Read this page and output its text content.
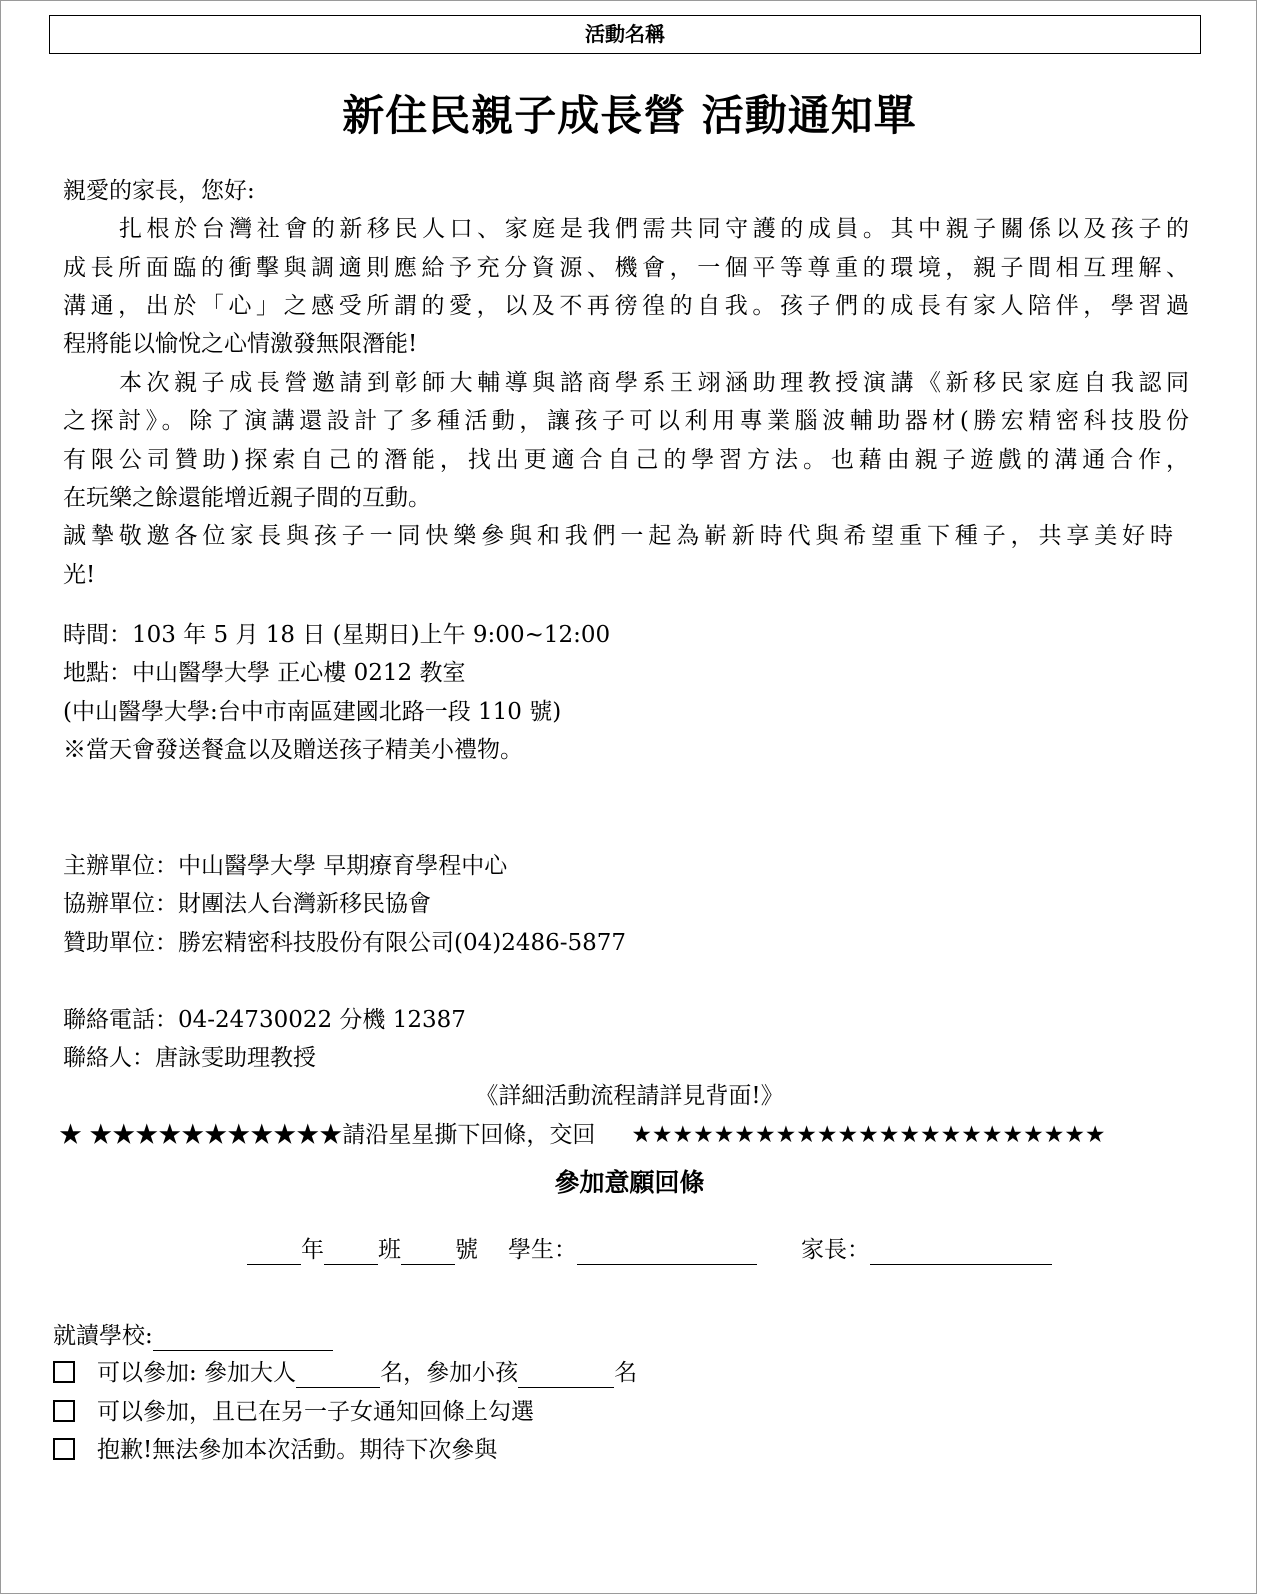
活動名稱
新住民親子成長營 活動通知單
親愛的家長，您好:
扎根於台灣社會的新移民人口、家庭是我們需共同守護的成員。其中親子關係以及孩子的
成長所面臨的衝擊與調適則應給予充分資源、機會，一個平等尊重的環境，親子間相互理解、
溝通，出於「心」之感受所謂的愛，以及不再徬徨的自我。孩子們的成長有家人陪伴，學習過
程將能以愉悅之心情激發無限潛能!
本次親子成長營邀請到彰師大輔導與諮商學系王翊涵助理教授演講《新移民家庭自我認同
之探討》。除了演講還設計了多種活動，讓孩子可以利用專業腦波輔助器材(勝宏精密科技股份
有限公司贊助)探索自己的潛能，找出更適合自己的學習方法。也藉由親子遊戲的溝通合作，
在玩樂之餘還能增近親子間的互動。
誠摯敬邀各位家長與孩子一同快樂參與和我們一起為嶄新時代與希望重下種子，共享美好時
光!
時間：103 年 5 月 18 日 (星期日)上午 9:00~12:00
地點：中山醫學大學 正心樓 0212 教室
(中山醫學大學:台中市南區建國北路一段 110 號)
※當天會發送餐盒以及贈送孩子精美小禮物。
主辦單位：中山醫學大學 早期療育學程中心
協辦單位：財團法人台灣新移民協會
贊助單位：勝宏精密科技股份有限公司(04)2486-5877
聯絡電話：04-24730022 分機 12387
聯絡人：唐詠雯助理教授
《詳細活動流程請詳見背面!》
★ ★★★★★★★★★★★請沿星星撕下回條，交回 ★★★★★★★★★★★★★★★★★★★★★★★
參加意願回條
年 班 號 學生：	家長：
就讀學校:
可以參加: 參加大人	名，參加小孩	名
可以參加，且已在另一子女通知回條上勾選
抱歉!無法參加本次活動。期待下次參與
